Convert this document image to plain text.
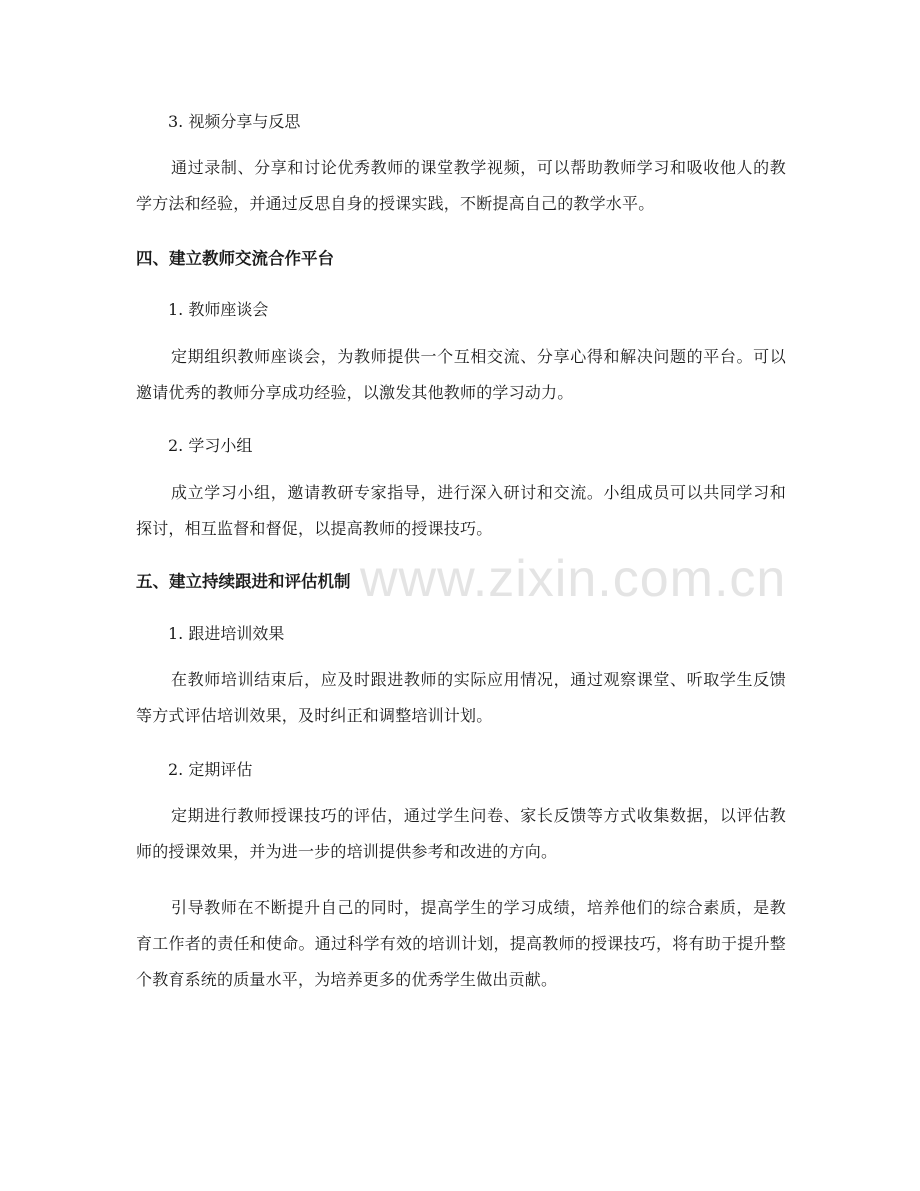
www.zixin.com.cn

3. 视频分享与反思

通过录制、分享和讨论优秀教师的课堂教学视频，可以帮助教师学习和吸收他人的教学方法和经验，并通过反思自身的授课实践，不断提高自己的教学水平。

四、建立教师交流合作平台

1. 教师座谈会

定期组织教师座谈会，为教师提供一个互相交流、分享心得和解决问题的平台。可以邀请优秀的教师分享成功经验，以激发其他教师的学习动力。

2. 学习小组

成立学习小组，邀请教研专家指导，进行深入研讨和交流。小组成员可以共同学习和探讨，相互监督和督促，以提高教师的授课技巧。

五、建立持续跟进和评估机制

1. 跟进培训效果

在教师培训结束后，应及时跟进教师的实际应用情况，通过观察课堂、听取学生反馈等方式评估培训效果，及时纠正和调整培训计划。

2. 定期评估

定期进行教师授课技巧的评估，通过学生问卷、家长反馈等方式收集数据，以评估教师的授课效果，并为进一步的培训提供参考和改进的方向。

引导教师在不断提升自己的同时，提高学生的学习成绩，培养他们的综合素质，是教育工作者的责任和使命。通过科学有效的培训计划，提高教师的授课技巧，将有助于提升整个教育系统的质量水平，为培养更多的优秀学生做出贡献。
